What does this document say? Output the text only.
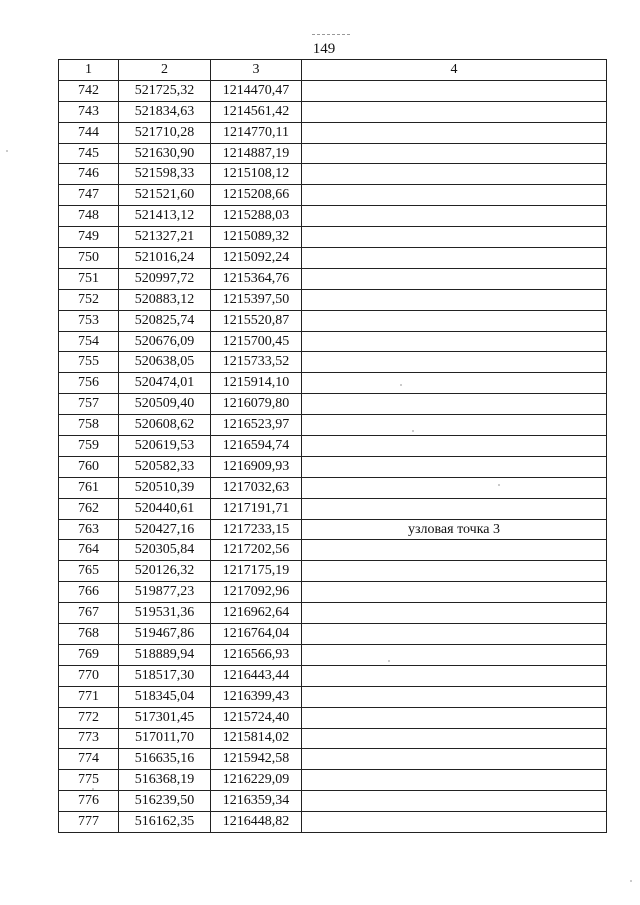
149
1	2	3	4
742	521725,32	1214470,47	
743	521834,63	1214561,42	
744	521710,28	1214770,11	
745	521630,90	1214887,19	
746	521598,33	1215108,12	
747	521521,60	1215208,66	
748	521413,12	1215288,03	
749	521327,21	1215089,32	
750	521016,24	1215092,24	
751	520997,72	1215364,76	
752	520883,12	1215397,50	
753	520825,74	1215520,87	
754	520676,09	1215700,45	
755	520638,05	1215733,52	
756	520474,01	1215914,10	
757	520509,40	1216079,80	
758	520608,62	1216523,97	
759	520619,53	1216594,74	
760	520582,33	1216909,93	
761	520510,39	1217032,63	
762	520440,61	1217191,71	
763	520427,16	1217233,15	узловая точка 3
764	520305,84	1217202,56	
765	520126,32	1217175,19	
766	519877,23	1217092,96	
767	519531,36	1216962,64	
768	519467,86	1216764,04	
769	518889,94	1216566,93	
770	518517,30	1216443,44	
771	518345,04	1216399,43	
772	517301,45	1215724,40	
773	517011,70	1215814,02	
774	516635,16	1215942,58	
775	516368,19	1216229,09	
776	516239,50	1216359,34	
777	516162,35	1216448,82	
